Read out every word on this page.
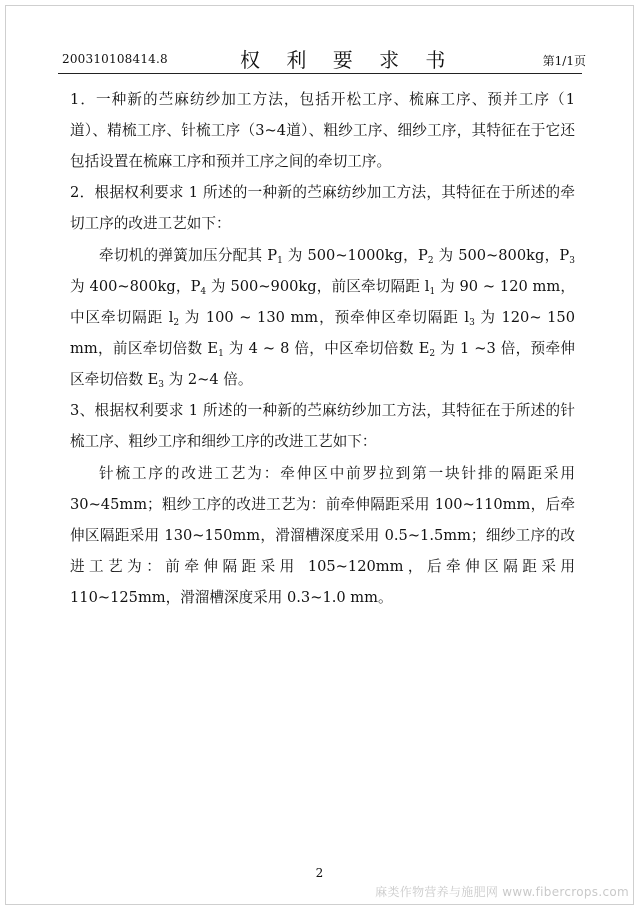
200310108414.8	权 利 要 求 书	第1/1页

1．一种新的苎麻纺纱加工方法，包括开松工序、梳麻工序、预并工序（1道）、精梳工序、针梳工序（3~4道）、粗纱工序、细纱工序，其特征在于它还包括设置在梳麻工序和预并工序之间的牵切工序。

2．根据权利要求 1 所述的一种新的苎麻纺纱加工方法，其特征在于所述的牵切工序的改进工艺如下：

牵切机的弹簧加压分配其 $P_1$ 为 500~1000kg，$P_2$ 为 500~800kg，$P_3$ 为 400~800kg，$P_4$ 为 500~900kg，前区牵切隔距 $l_1$ 为 90 ~ 120 mm，中区牵切隔距 $l_2$ 为 100 ~ 130 mm，预牵伸区牵切隔距 $l_3$ 为 120~ 150 mm，前区牵切倍数 $E_1$ 为 4 ~ 8 倍，中区牵切倍数 $E_2$ 为 1 ~3 倍，预牵伸区牵切倍数 $E_3$ 为 2~4 倍。

3、根据权利要求 1 所述的一种新的苎麻纺纱加工方法，其特征在于所述的针梳工序、粗纱工序和细纱工序的改进工艺如下：

针梳工序的改进工艺为：牵伸区中前罗拉到第一块针排的隔距采用 30~45mm；粗纱工序的改进工艺为：前牵伸隔距采用 100~110mm，后牵伸区隔距采用 130~150mm，滑溜槽深度采用 0.5~1.5mm；细纱工序的改进工艺为：前牵伸隔距采用 105~120mm，后牵伸区隔距采用 110~125mm，滑溜槽深度采用 0.3~1.0 mm。

2
麻类作物营养与施肥网 www.fibercrops.com
